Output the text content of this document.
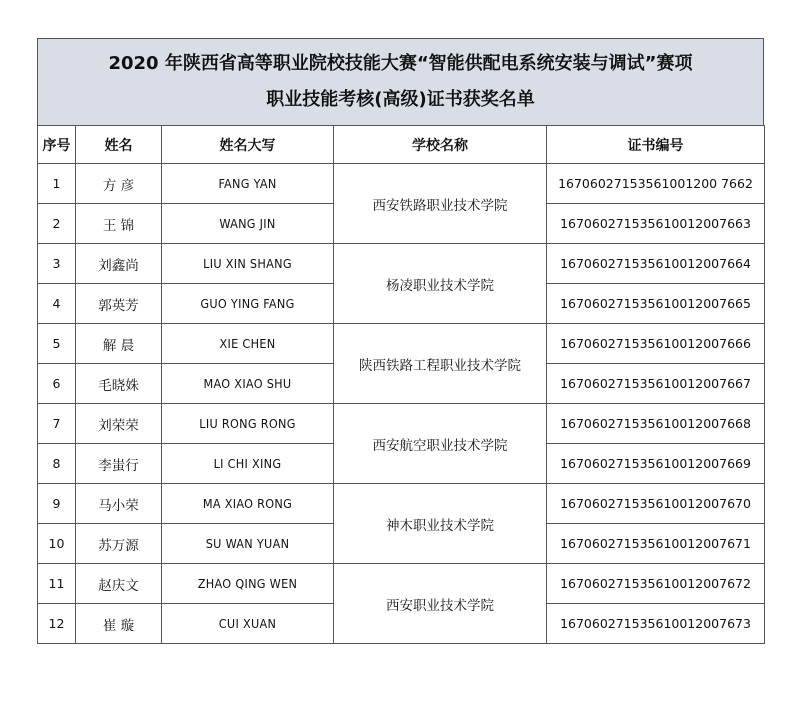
2020 年陕西省高等职业院校技能大赛“智能供配电系统安装与调试”赛项
职业技能考核(高级)证书获奖名单
序号	姓名	姓名大写	学校名称	证书编号
1	方 彦	FANG YAN	西安铁路职业技术学院	16706027153561001200 7662
2	王 锦	WANG JIN		167060271535610012007663
3	刘鑫尚	LIU XIN SHANG	杨凌职业技术学院	167060271535610012007664
4	郭英芳	GUO YING FANG		167060271535610012007665
5	解 晨	XIE CHEN	陕西铁路工程职业技术学院	167060271535610012007666
6	毛晓姝	MAO XIAO SHU		167060271535610012007667
7	刘荣荣	LIU RONG RONG	西安航空职业技术学院	167060271535610012007668
8	李蚩行	LI CHI XING		167060271535610012007669
9	马小荣	MA XIAO RONG	神木职业技术学院	167060271535610012007670
10	苏万源	SU WAN YUAN		167060271535610012007671
11	赵庆文	ZHAO QING WEN	西安职业技术学院	167060271535610012007672
12	崔 璇	CUI XUAN		167060271535610012007673
